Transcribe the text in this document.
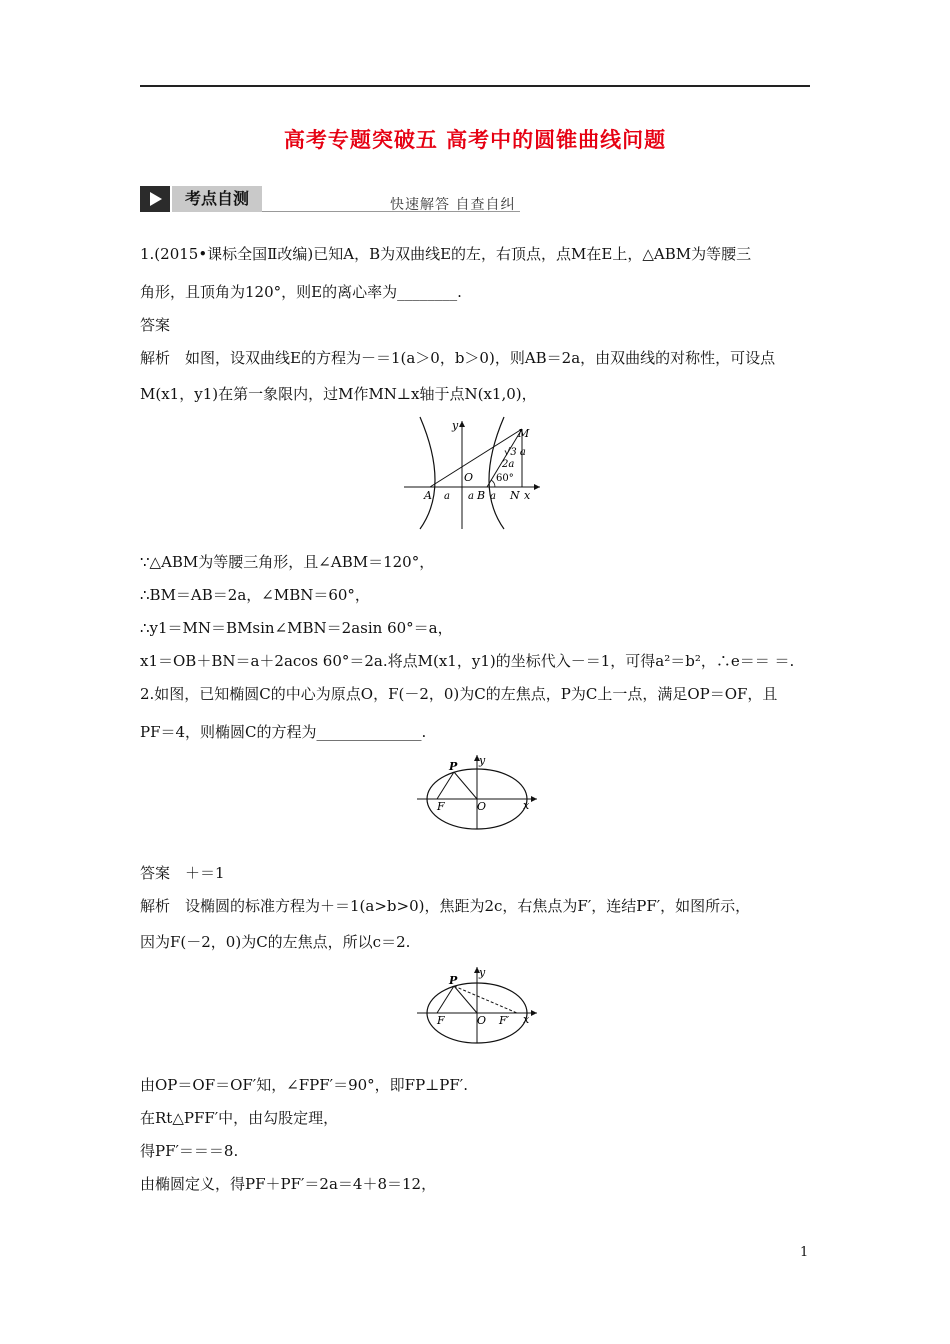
高考专题突破五 高考中的圆锥曲线问题
考点自测	快速解答 自查自纠
1.(2015•课标全国Ⅱ改编)已知A，B为双曲线E的左，右顶点，点M在E上，△ABM为等腰三
角形，且顶角为120°，则E的离心率为________.
答案
解析　如图，设双曲线E的方程为－＝1(a＞0，b＞0)，则AB＝2a，由双曲线的对称性，可设点
M(x1，y1)在第一象限内，过M作MN⊥x轴于点N(x1,0)，
y
M
√3 a
2a
O 60°
A a a B a N x
∵△ABM为等腰三角形，且∠ABM＝120°，
∴BM＝AB＝2a，∠MBN＝60°，
∴y1＝MN＝BMsin∠MBN＝2asin 60°＝a，
x1＝OB＋BN＝a＋2acos 60°＝2a.将点M(x1，y1)的坐标代入－＝1，可得a²＝b²，∴e＝＝ ＝.
2.如图，已知椭圆C的中心为原点O，F(－2，0)为C的左焦点，P为C上一点，满足OP＝OF，且
PF＝4，则椭圆C的方程为______________.
y
P
F	O	x
答案　＋＝1
解析　设椭圆的标准方程为＋＝1(a>b>0)，焦距为2c，右焦点为F′，连结PF′，如图所示，
因为F(－2，0)为C的左焦点，所以c＝2.
y
P
F	O F′ x
由OP＝OF＝OF′知，∠FPF′＝90°，即FP⊥PF′.
在Rt△PFF′中，由勾股定理，
得PF′＝＝＝8.
由椭圆定义，得PF＋PF′＝2a＝4＋8＝12，
1
